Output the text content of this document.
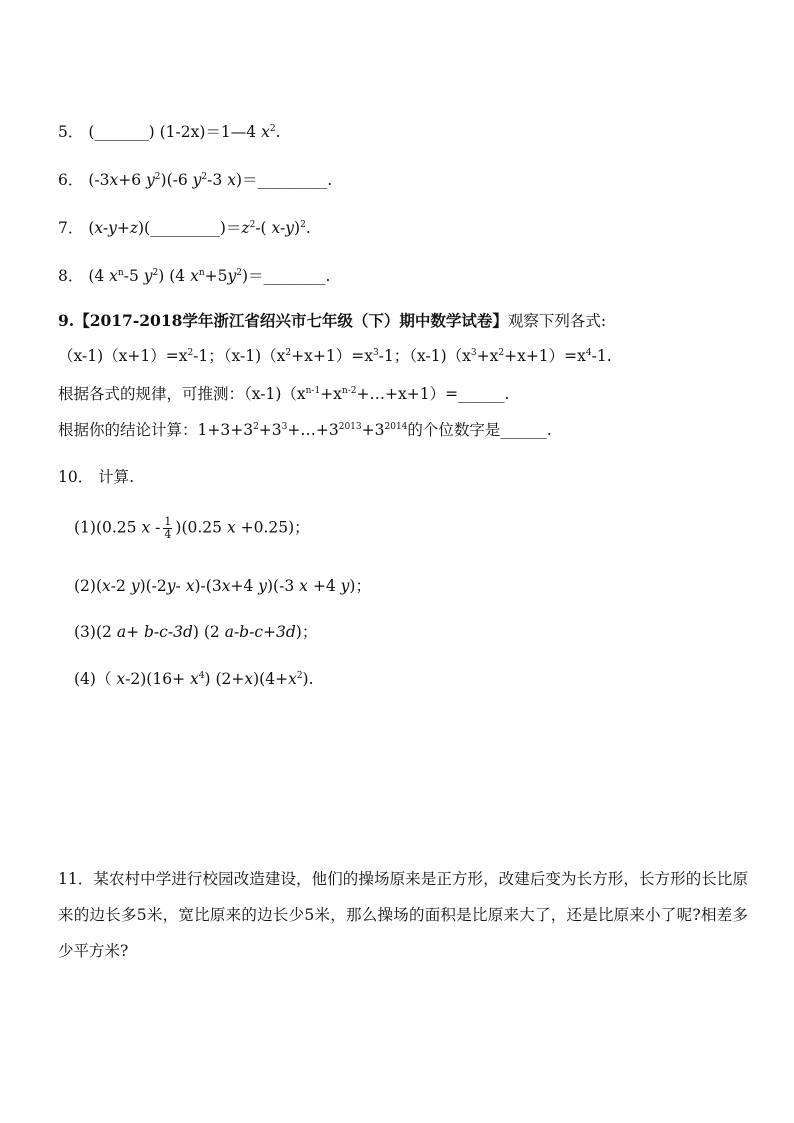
5． (_______) (1-2x)＝1—4 $x^2$.
6． (-3x+6 $y^2)(-6$ $y^2-3$ x)＝_________.
7． $(x-y+z)(\_\_\_\_\_\_\_\_\_)=z^2-$( x-y)$^2$.
8． (4 $x^n-5$ $y^2$) (4 $x^n+5y^2)=\_\_\_\_\_\_\_\_$.
9.【2017-2018学年浙江省绍兴市七年级（下）期中数学试卷】观察下列各式:
$(x-1)(x+1)=x^2-1$；$(x-1)(x^2+x+1)=x^3-1$；$(x-1)(x^3+x^2+x+1)=x^4-1$.
根据各式的规律，可推测：$(x-1)(x^{n-1}+x^{n-2}+\dots+x+1)=\_\_\_\_\_\_$.
根据你的结论计算：$1+3+3^2+3^3+\dots+3^{2013}+3^{2014}$的个位数字是______.
10． 计算.
(1)(0.25 x - $\frac{1}{4} )(0.25$ x +0.25)；
(2)(x-2 y)(-2y- x)-(3x+4 y)(-3 x +4 y)；
(3)(2 a+ b-c-3d) (2 a-b-c+3d)；
(4)（ $x-2)(16+ x^4)$ $(2+x)(4+x^2)$.
11．某农村中学进行校园改造建设，他们的操场原来是正方形，改建后变为长方形，长方形的长比原来的边长多5米，宽比原来的边长少5米，那么操场的面积是比原来大了，还是比原来小了呢?相差多少平方米?
